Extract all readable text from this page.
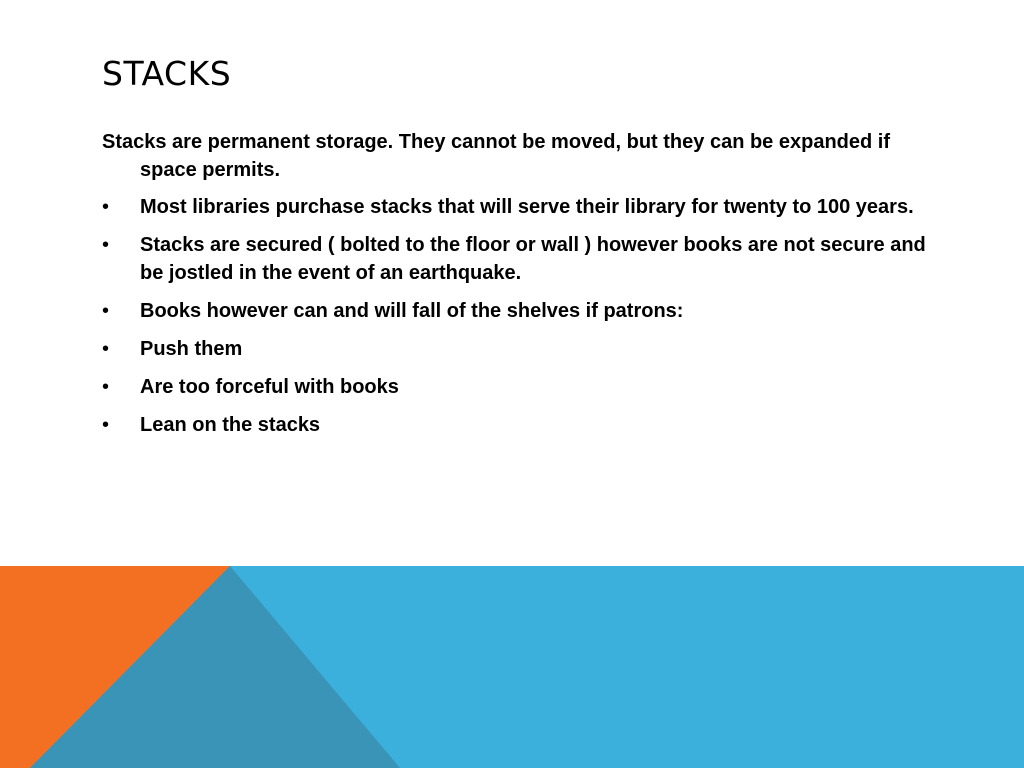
STACKS

Stacks are permanent storage. They cannot be moved, but they can be expanded if space permits.

•	Most libraries purchase stacks that will serve their library for twenty to 100 years.
•	Stacks are secured ( bolted to the floor or wall ) however books are not secure and be jostled in the event of an earthquake.
•	Books however can and will fall of the shelves if patrons:
•	Push them
•	Are too forceful with books
•	Lean on the stacks
